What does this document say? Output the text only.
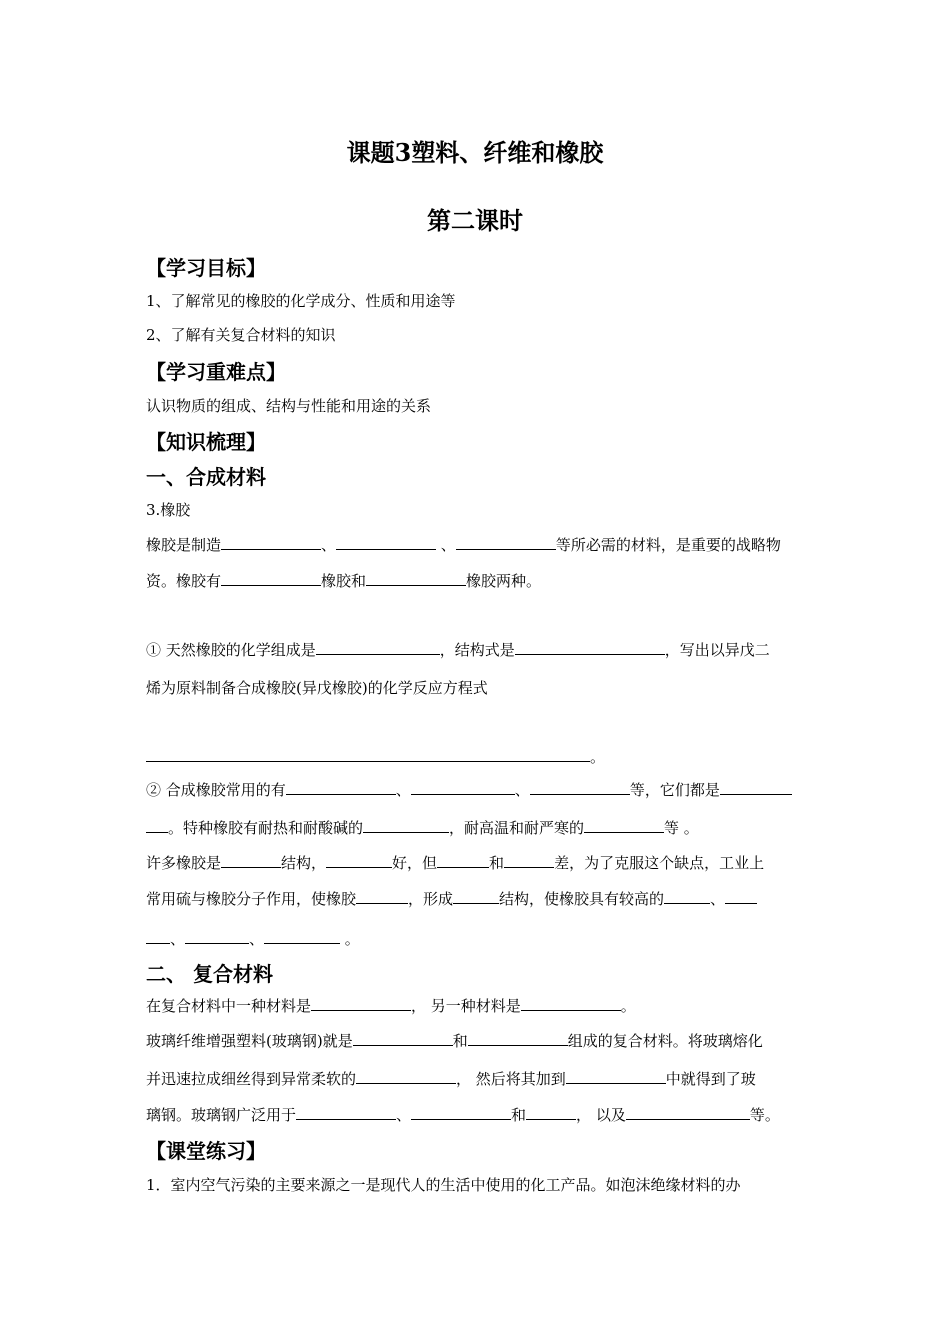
课题3塑料、纤维和橡胶
第二课时
【学习目标】
1、了解常见的橡胶的化学成分、性质和用途等
2、了解有关复合材料的知识
【学习重难点】
认识物质的组成、结构与性能和用途的关系
【知识梳理】
一、合成材料
3.橡胶
橡胶是制造	、	、	等所必需的材料，是重要的战略物
资。橡胶有	橡胶和	橡胶两种。
① 天然橡胶的化学组成是	，结构式是	，写出以异戊二
烯为原料制备合成橡胶(异戊橡胶)的化学反应方程式
。
② 合成橡胶常用的有	、	、	等，它们都是
。特种橡胶有耐热和耐酸碱的	，耐高温和耐严寒的	等 。
许多橡胶是	结构，	好，但	和	差，为了克服这个缺点，工业上
常用硫与橡胶分子作用，使橡胶	，形成	结构，使橡胶具有较高的	、
、	、	。
二、 复合材料
在复合材料中一种材料是	， 另一种材料是	。
玻璃纤维增强塑料(玻璃钢)就是	和	组成的复合材料。将玻璃熔化
并迅速拉成细丝得到异常柔软的	， 然后将其加到	中就得到了玻
璃钢。玻璃钢广泛用于	、	和	， 以及	等。
【课堂练习】
1．室内空气污染的主要来源之一是现代人的生活中使用的化工产品。如泡沫绝缘材料的办
